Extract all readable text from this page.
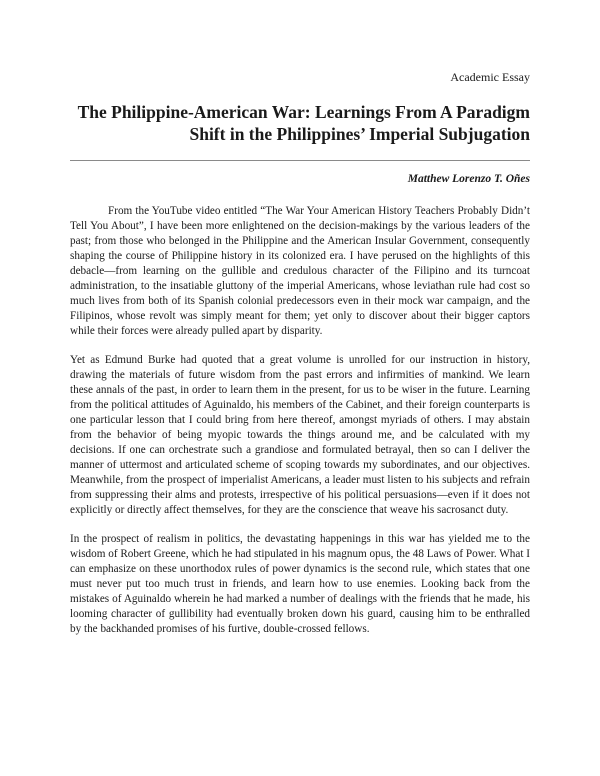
Academic Essay
The Philippine-American War: Learnings From A Paradigm
Shift in the Philippines’ Imperial Subjugation
Matthew Lorenzo T. Oñes

From the YouTube video entitled “The War Your American History Teachers Probably Didn’t Tell You About”, I have been more enlightened on the decision-makings by the various leaders of the past; from those who belonged in the Philippine and the American Insular Government, consequently shaping the course of Philippine history in its colonized era. I have perused on the highlights of this debacle—from learning on the gullible and credulous character of the Filipino and its turncoat administration, to the insatiable gluttony of the imperial Americans, whose leviathan rule had cost so much lives from both of its Spanish colonial predecessors even in their mock war campaign, and the Filipinos, whose revolt was simply meant for them; yet only to discover about their bigger captors while their forces were already pulled apart by disparity.

Yet as Edmund Burke had quoted that a great volume is unrolled for our instruction in history, drawing the materials of future wisdom from the past errors and infirmities of mankind. We learn these annals of the past, in order to learn them in the present, for us to be wiser in the future. Learning from the political attitudes of Aguinaldo, his members of the Cabinet, and their foreign counterparts is one particular lesson that I could bring from here thereof, amongst myriads of others. I may abstain from the behavior of being myopic towards the things around me, and be calculated with my decisions. If one can orchestrate such a grandiose and formulated betrayal, then so can I deliver the manner of uttermost and articulated scheme of scoping towards my subordinates, and our objectives. Meanwhile, from the prospect of imperialist Americans, a leader must listen to his subjects and refrain from suppressing their alms and protests, irrespective of his political persuasions—even if it does not explicitly or directly affect themselves, for they are the conscience that weave his sacrosanct duty.

In the prospect of realism in politics, the devastating happenings in this war has yielded me to the wisdom of Robert Greene, which he had stipulated in his magnum opus, the 48 Laws of Power. What I can emphasize on these unorthodox rules of power dynamics is the second rule, which states that one must never put too much trust in friends, and learn how to use enemies. Looking back from the mistakes of Aguinaldo wherein he had marked a number of dealings with the friends that he made, his looming character of gullibility had eventually broken down his guard, causing him to be enthralled by the backhanded promises of his furtive, double-crossed fellows.
